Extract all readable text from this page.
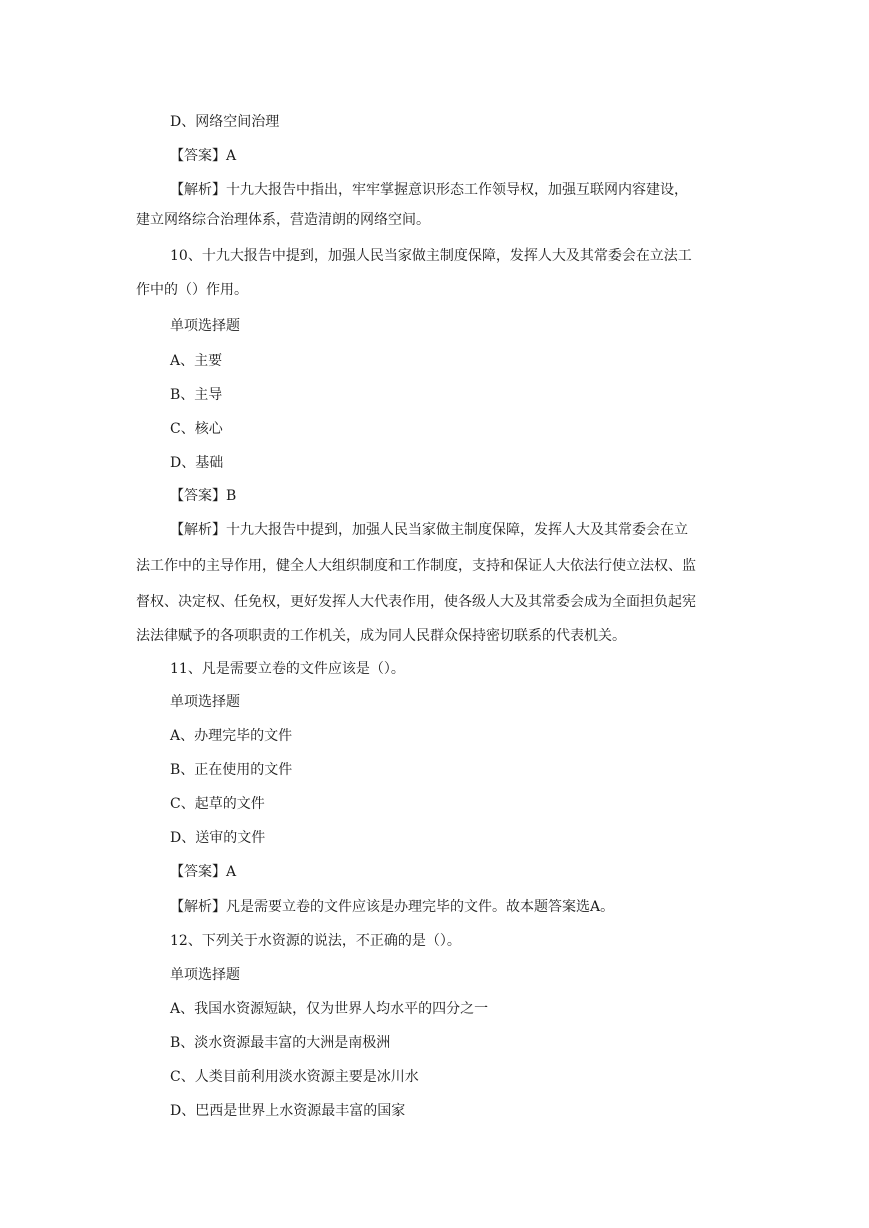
D、网络空间治理
【答案】A
【解析】十九大报告中指出，牢牢掌握意识形态工作领导权，加强互联网内容建设，
建立网络综合治理体系，营造清朗的网络空间。
10、十九大报告中提到，加强人民当家做主制度保障，发挥人大及其常委会在立法工
作中的（）作用。
单项选择题
A、主要
B、主导
C、核心
D、基础
【答案】B
【解析】十九大报告中提到，加强人民当家做主制度保障，发挥人大及其常委会在立
法工作中的主导作用，健全人大组织制度和工作制度，支持和保证人大依法行使立法权、监
督权、决定权、任免权，更好发挥人大代表作用，使各级人大及其常委会成为全面担负起宪
法法律赋予的各项职责的工作机关，成为同人民群众保持密切联系的代表机关。
11、凡是需要立卷的文件应该是（）。
单项选择题
A、办理完毕的文件
B、正在使用的文件
C、起草的文件
D、送审的文件
【答案】A
【解析】凡是需要立卷的文件应该是办理完毕的文件。故本题答案选A。
12、下列关于水资源的说法，不正确的是（）。
单项选择题
A、我国水资源短缺，仅为世界人均水平的四分之一
B、淡水资源最丰富的大洲是南极洲
C、人类目前利用淡水资源主要是冰川水
D、巴西是世界上水资源最丰富的国家
